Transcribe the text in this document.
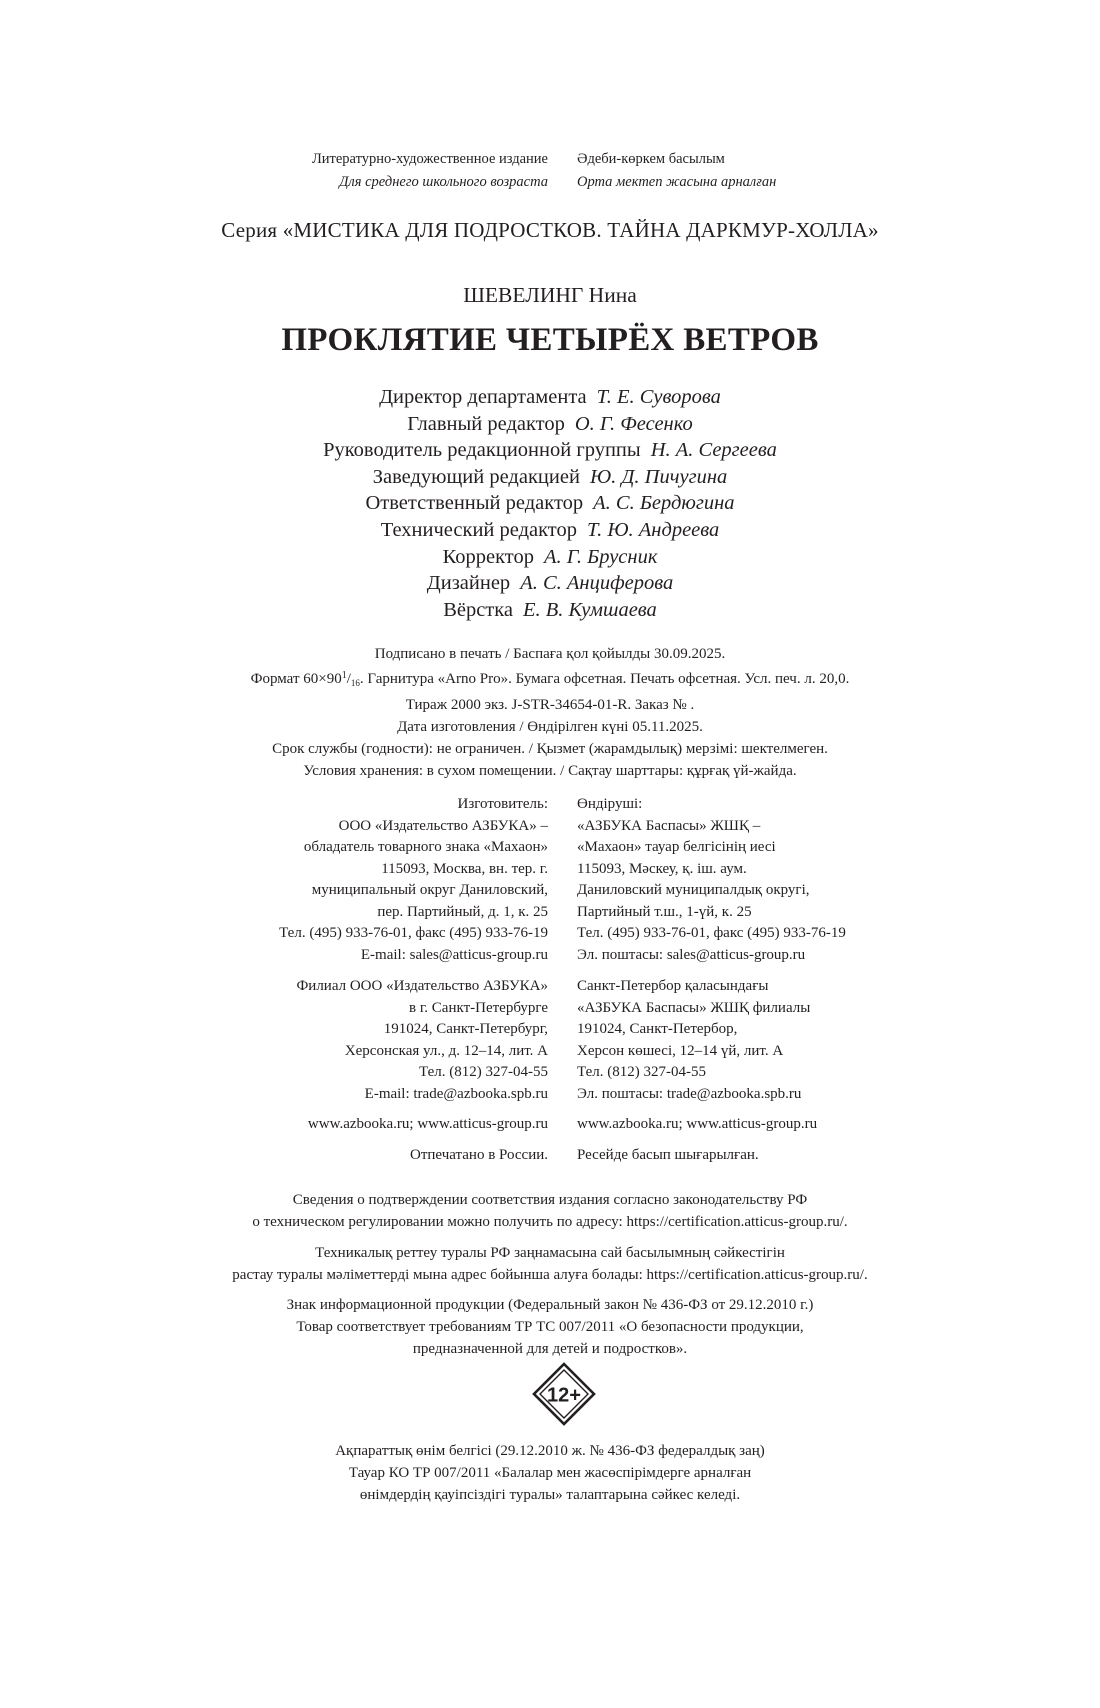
Литературно-художественное издание
Для среднего школьного возраста
Әдеби-көркем басылым
Орта мектеп жасына арналған
Серия «МИСТИКА ДЛЯ ПОДРОСТКОВ. ТАЙНА ДАРКМУР-ХОЛЛА»
ШЕВЕЛИНГ Нина
ПРОКЛЯТИЕ ЧЕТЫРЁХ ВЕТРОВ
Директор департамента Т. Е. Суворова
Главный редактор О. Г. Фесенко
Руководитель редакционной группы Н. А. Сергеева
Заведующий редакцией Ю. Д. Пичугина
Ответственный редактор А. С. Бердюгина
Технический редактор Т. Ю. Андреева
Корректор А. Г. Брусник
Дизайнер А. С. Анциферова
Вёрстка Е. В. Кумшаева
Подписано в печать / Баспаға қол қойылды 30.09.2025.
Формат $60\times 90^1/_{16}$. Гарнитура «Arno Pro». Бумага офсетная. Печать офсетная. Усл. печ. л. 20,0.
Тираж 2000 экз. J-STR-34654-01-R. Заказ № .
Дата изготовления / Өндірілген күні 05.11.2025.
Срок службы (годности): не ограничен. / Қызмет (жарамдылық) мерзімі: шектелмеген.
Условия хранения: в сухом помещении. / Сақтау шарттары: құрғақ үй-жайда.
Изготовитель:
ООО «Издательство АЗБУКА» –
обладатель товарного знака «Махаон»
115093, Москва, вн. тер. г.
муниципальный округ Даниловский,
пер. Партийный, д. 1, к. 25
Тел. (495) 933-76-01, факс (495) 933-76-19
E-mail: sales@atticus-group.ru
Филиал ООО «Издательство АЗБУКА»
в г. Санкт-Петербурге
191024, Санкт-Петербург,
Херсонская ул., д. 12–14, лит. А
Тел. (812) 327-04-55
E-mail: trade@azbooka.spb.ru
www.azbooka.ru; www.atticus-group.ru
Отпечатано в России.
Өндіруші:
«АЗБУКА Баспасы» ЖШҚ –
«Махаон» тауар белгісінің иесі
115093, Мәскеу, қ. іш. аум.
Даниловский муниципалдық округі,
Партийный т.ш., 1-үй, к. 25
Тел. (495) 933-76-01, факс (495) 933-76-19
Эл. поштасы: sales@atticus-group.ru
Санкт-Петербор қаласындағы
«АЗБУКА Баспасы» ЖШҚ филиалы
191024, Санкт-Петербор,
Херсон көшесі, 12–14 үй, лит. А
Тел. (812) 327-04-55
Эл. поштасы: trade@azbooka.spb.ru
www.azbooka.ru; www.atticus-group.ru
Ресейде басып шығарылған.
Сведения о подтверждении соответствия издания согласно законодательству РФ
о техническом регулировании можно получить по адресу: https://certification.atticus-group.ru/.
Техникалық реттеу туралы РФ заңнамасына сай басылымның сәйкестігін
растау туралы мәліметтерді мына адрес бойынша алуға болады: https://certification.atticus-group.ru/.
Знак информационной продукции (Федеральный закон № 436-ФЗ от 29.12.2010 г.)
Товар соответствует требованиям ТР ТС 007/2011 «О безопасности продукции,
предназначенной для детей и подростков».
12+
Ақпараттық өнім белгісі (29.12.2010 ж. № 436-ФЗ федералдық заң)
Тауар КО ТР 007/2011 «Балалар мен жасөспірімдерге арналған
өнімдердің қауіпсіздігі туралы» талаптарына сәйкес келеді.
